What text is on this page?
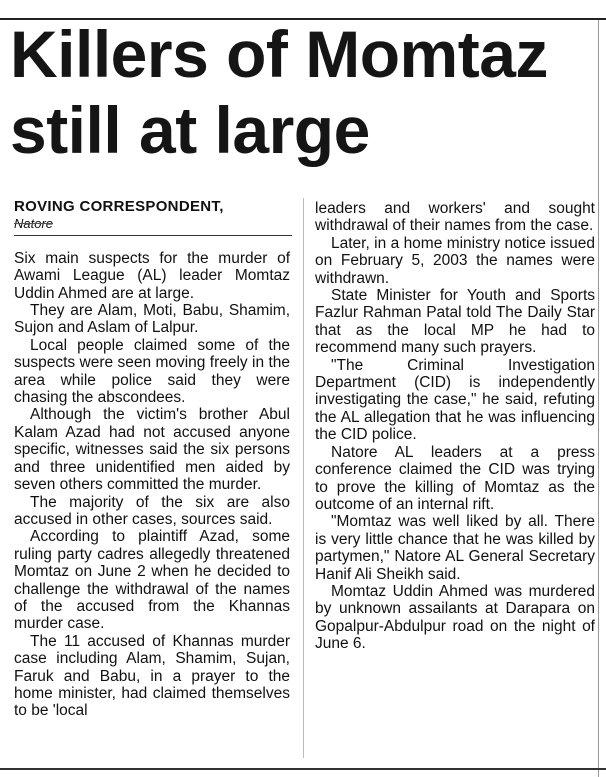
Killers of Momtaz
still at large

ROVING CORRESPONDENT,

Natore

Six main suspects for the murder of Awami League (AL) leader Momtaz Uddin Ahmed are at large.

They are Alam, Moti, Babu, Shamim, Sujon and Aslam of Lalpur.

Local people claimed some of the suspects were seen moving freely in the area while police said they were chasing the abscondees.

Although the victim's brother Abul Kalam Azad had not accused anyone specific, witnesses said the six persons and three unidentified men aided by seven others committed the murder.

The majority of the six are also accused in other cases, sources said.

According to plaintiff Azad, some ruling party cadres allegedly threatened Momtaz on June 2 when he decided to challenge the withdrawal of the names of the accused from the Khannas murder case.

The 11 accused of Khannas murder case including Alam, Shamim, Sujan, Faruk and Babu, in a prayer to the home minister, had claimed themselves to be 'local

leaders and workers' and sought withdrawal of their names from the case.

Later, in a home ministry notice issued on February 5, 2003 the names were withdrawn.

State Minister for Youth and Sports Fazlur Rahman Patal told The Daily Star that as the local MP he had to recommend many such prayers.

"The Criminal Investigation Department (CID) is independently investigating the case," he said, refuting the AL allegation that he was influencing the CID police.

Natore AL leaders at a press conference claimed the CID was trying to prove the killing of Momtaz as the outcome of an internal rift.

"Momtaz was well liked by all. There is very little chance that he was killed by partymen," Natore AL General Secretary Hanif Ali Sheikh said.

Momtaz Uddin Ahmed was murdered by unknown assailants at Darapara on Gopalpur-Abdulpur road on the night of June 6.
